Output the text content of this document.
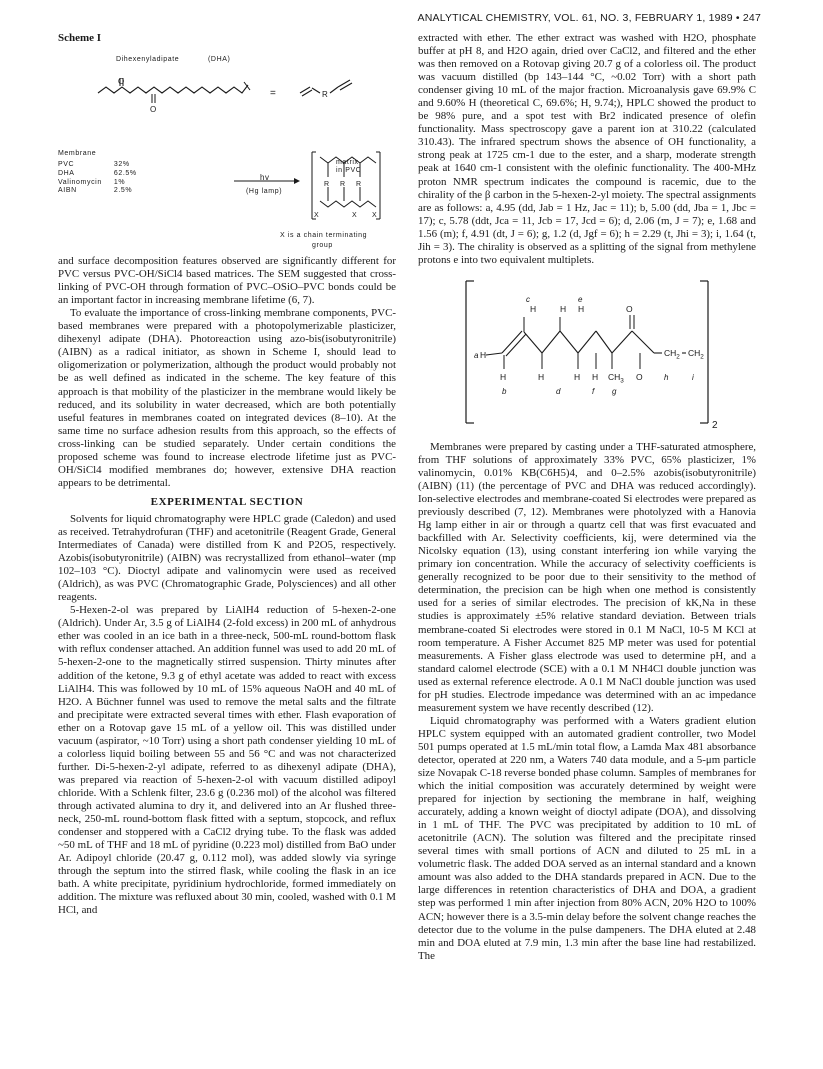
ANALYTICAL CHEMISTRY, VOL. 61, NO. 3, FEBRUARY 1, 1989 • 247
Scheme I
Dihexenyladipate	(DHA)
O
O
=	R
Membrane
PVC	32%
DHA	62.5%
Valinomycin	1%
AIBN	2.5%
hv
(Hg lamp)
R R R
X	X X
in PVC
X is a chain terminating
group

and surface decomposition features observed are significantly different for PVC versus PVC-OH/SiCl4 based matrices. The SEM suggested that cross-linking of PVC-OH through formation of PVC–OSiO–PVC bonds could be an important factor in increasing membrane lifetime (6, 7).

To evaluate the importance of cross-linking membrane components, PVC-based membranes were prepared with a photopolymerizable plasticizer, dihexenyl adipate (DHA). Photoreaction using azo-bis(isobutyronitrile) (AIBN) as a radical initiator, as shown in Scheme I, should lead to oligomerization or polymerization, although the product would probably not be as well defined as indicated in the scheme. The key feature of this approach is that mobility of the plasticizer in the membrane would likely be reduced, and its solubility in water decreased, which are both potentially useful features in membranes coated on integrated devices (8–10). At the same time no surface adhesion results from this approach, so the effects of cross-linking can be studied separately. Under certain conditions the proposed scheme was found to increase electrode lifetime just as PVC-OH/SiCl4 modified membranes do; however, extensive DHA reaction appears to be detrimental.

EXPERIMENTAL SECTION

Solvents for liquid chromatography were HPLC grade (Caledon) and used as received. Tetrahydrofuran (THF) and acetonitrile (Reagent Grade, General Intermediates of Canada) were distilled from K and P2O5, respectively. Azobis(isobutyronitrile) (AIBN) was recrystallized from ethanol–water (mp 102–103 °C). Dioctyl adipate and valinomycin were used as received (Aldrich), as was PVC (Chromatographic Grade, Polysciences) and all other reagents.

5-Hexen-2-ol was prepared by LiAlH4 reduction of 5-hexen-2-one (Aldrich). Under Ar, 3.5 g of LiAlH4 (2-fold excess) in 200 mL of anhydrous ether was cooled in an ice bath in a three-neck, 500-mL round-bottom flask with reflux condenser attached. An addition funnel was used to add 20 mL of 5-hexen-2-one to the magnetically stirred suspension. Thirty minutes after addition of the ketone, 9.3 g of ethyl acetate was added to react with excess LiAlH4. This was followed by 10 mL of 15% aqueous NaOH and 40 mL of H2O. A Büchner funnel was used to remove the metal salts and the filtrate and precipitate were extracted several times with ether. Flash evaporation of ether on a Rotovap gave 15 mL of a yellow oil. This was distilled under vacuum (aspirator, ~10 Torr) using a short path condenser yielding 10 mL of a colorless liquid boiling between 55 and 56 °C and was not characterized further. Di-5-hexen-2-yl adipate, referred to as dihexenyl adipate (DHA), was prepared via reaction of 5-hexen-2-ol with vacuum distilled adipoyl chloride. With a Schlenk filter, 23.6 g (0.236 mol) of the alcohol was filtered through activated alumina to dry it, and delivered into an Ar flushed three-neck, 250-mL round-bottom flask fitted with a septum, stopcock, and reflux condenser and stoppered with a CaCl2 drying tube. To the flask was added ~50 mL of THF and 18 mL of pyridine (0.223 mol) distilled from BaO under Ar. Adipoyl chloride (20.47 g, 0.112 mol), was added slowly via syringe through the septum into the stirred flask, while cooling the flask in an ice bath. A white precipitate, pyridinium hydrochloride, formed immediately on addition. The mixture was refluxed about 30 min, cooled, washed with 0.1 M HCl, and

extracted with ether. The ether extract was washed with H2O, phosphate buffer at pH 8, and H2O again, dried over CaCl2, and filtered and the ether was then removed on a Rotovap giving 20.7 g of a colorless oil. The product was vacuum distilled (bp 143–144 °C, ~0.02 Torr) with a short path condenser giving 10 mL of the major fraction. Microanalysis gave 69.9% C and 9.60% H (theoretical C, 69.6%; H, 9.74;), HPLC showed the product to be 98% pure, and a spot test with Br2 indicated presence of olefin functionality. Mass spectroscopy gave a parent ion at 310.22 (calculated 310.43). The infrared spectrum shows the absence of OH functionality, a strong peak at 1725 cm-1 due to the ester, and a sharp, moderate strength peak at 1640 cm-1 consistent with the olefinic functionality. The 400-MHz proton NMR spectrum indicates the compound is racemic, due to the chirality of the β carbon in the 5-hexen-2-yl moiety. The spectral assignments are as follows: a, 4.95 (dd, Jab = 1 Hz, Jac = 11); b, 5.00 (dd, Jba = 1, Jbc = 17); c, 5.78 (ddt, Jca = 11, Jcb = 17, Jcd = 6); d, 2.06 (m, J = 7); e, 1.68 and 1.56 (m); f, 4.91 (dt, J = 6); g, 1.2 (d, Jgf = 6); h = 2.29 (t, Jhi = 3); i, 1.64 (t, Jih = 3). The chirality is observed as a splitting of the signal from methylene protons e into two equivalent multiplets.

c
H	H
e
H	O
a H	$CH_2$ $CH_2$
H	H	H H $CH_3$ O
b	d	f g
h	i
2

Membranes were prepared by casting under a THF-saturated atmosphere, from THF solutions of approximately 33% PVC, 65% plasticizer, 1% valinomycin, 0.01% KB(C6H5)4, and 0–2.5% azobis(isobutyronitrile) (AIBN) (11) (the percentage of PVC and DHA was reduced accordingly). Ion-selective electrodes and membrane-coated Si electrodes were prepared as previously described (7, 12). Membranes were photolyzed with a Hanovia Hg lamp either in air or through a quartz cell that was first evacuated and backfilled with Ar. Selectivity coefficients, kij, were determined via the Nicolsky equation (13), using constant interfering ion while varying the primary ion concentration. While the accuracy of selectivity coefficients is generally recognized to be poor due to their sensitivity to the method of determination, the precision can be high when one method is consistently used for a series of similar electrodes. The precision of kK,Na in these studies is approximately ±5% relative standard deviation. Between trials membrane-coated Si electrodes were stored in 0.1 M NaCl, 10-5 M KCl at room temperature. A Fisher Accumet 825 MP meter was used for potential measurements. A Fisher glass electrode was used to determine pH, and a standard calomel electrode (SCE) with a 0.1 M NH4Cl double junction was used as external reference electrode. A 0.1 M NaCl double junction was used for pH studies. Electrode impedance was determined with an ac impedance measurement system we have recently described (12).

Liquid chromatography was performed with a Waters gradient elution HPLC system equipped with an automated gradient controller, two Model 501 pumps operated at 1.5 mL/min total flow, a Lamda Max 481 absorbance detector, operated at 220 nm, a Waters 740 data module, and a 5-μm particle size Novapak C-18 reverse bonded phase column. Samples of membranes for which the initial composition was accurately determined by weight were prepared for injection by sectioning the membrane in half, weighing accurately, adding a known weight of dioctyl adipate (DOA), and dissolving in 1 mL of THF. The PVC was precipitated by addition to 10 mL of acetonitrile (ACN). The solution was filtered and the precipitate rinsed several times with small portions of ACN and diluted to 25 mL in a volumetric flask. The added DOA served as an internal standard and a known amount was also added to the DHA standards prepared in ACN. Due to the large differences in retention characteristics of DHA and DOA, a gradient step was performed 1 min after injection from 80% ACN, 20% H2O to 100% ACN; however there is a 3.5-min delay before the solvent change reaches the detector due to the volume in the pulse dampeners. The DHA eluted at 2.48 min and DOA eluted at 7.9 min, 1.3 min after the base line had restabilized. The

matrix
